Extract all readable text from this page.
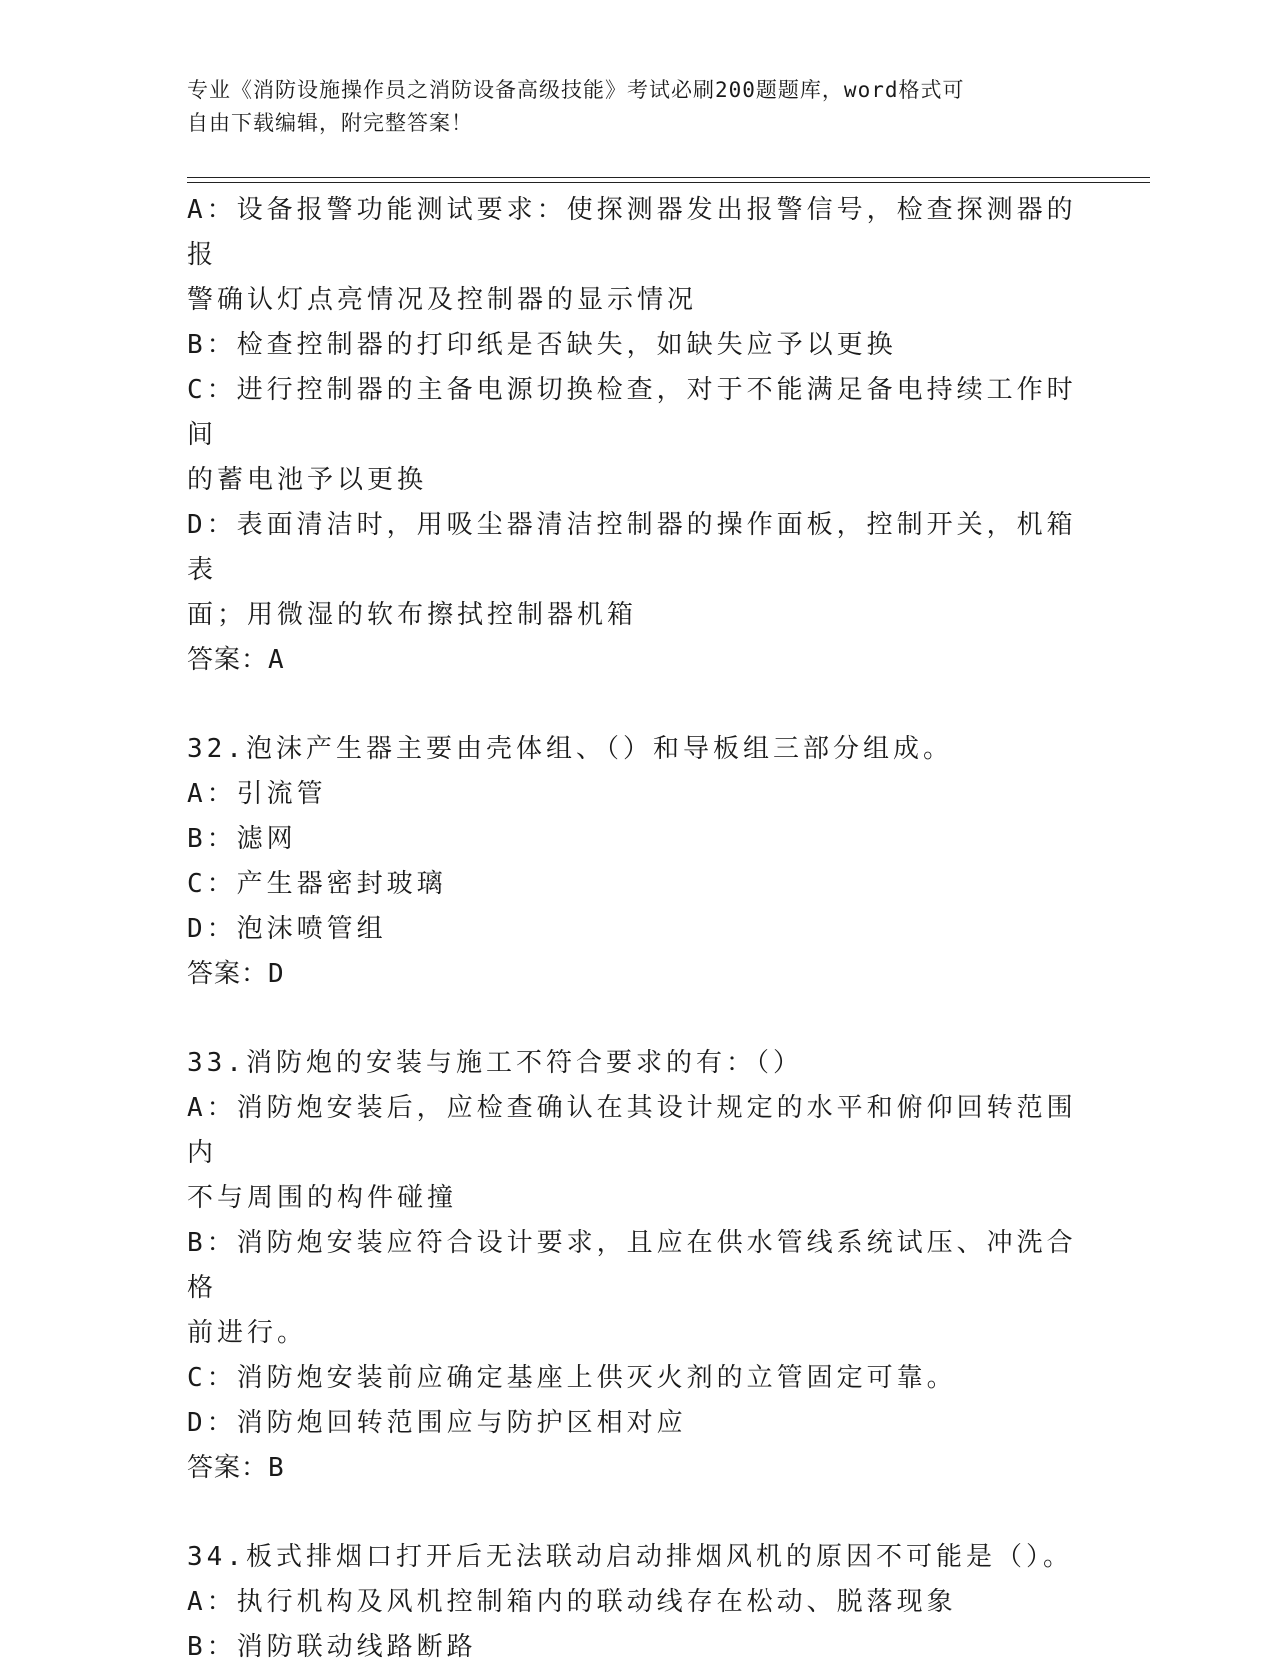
专业《消防设施操作员之消防设备高级技能》考试必刷200题题库，word格式可
自由下载编辑，附完整答案！
A：设备报警功能测试要求：使探测器发出报警信号，检查探测器的报
警确认灯点亮情况及控制器的显示情况
B：检查控制器的打印纸是否缺失，如缺失应予以更换
C：进行控制器的主备电源切换检查，对于不能满足备电持续工作时间
的蓄电池予以更换
D：表面清洁时，用吸尘器清洁控制器的操作面板，控制开关，机箱表
面；用微湿的软布擦拭控制器机箱
答案：A
32.泡沫产生器主要由壳体组、（）和导板组三部分组成。
A：引流管
B：滤网
C：产生器密封玻璃
D：泡沫喷管组
答案：D
33.消防炮的安装与施工不符合要求的有：（）
A：消防炮安装后，应检查确认在其设计规定的水平和俯仰回转范围内
不与周围的构件碰撞
B：消防炮安装应符合设计要求，且应在供水管线系统试压、冲洗合格
前进行。
C：消防炮安装前应确定基座上供灭火剂的立管固定可靠。
D：消防炮回转范围应与防护区相对应
答案：B
34.板式排烟口打开后无法联动启动排烟风机的原因不可能是（）。
A：执行机构及风机控制箱内的联动线存在松动、脱落现象
B：消防联动线路断路
